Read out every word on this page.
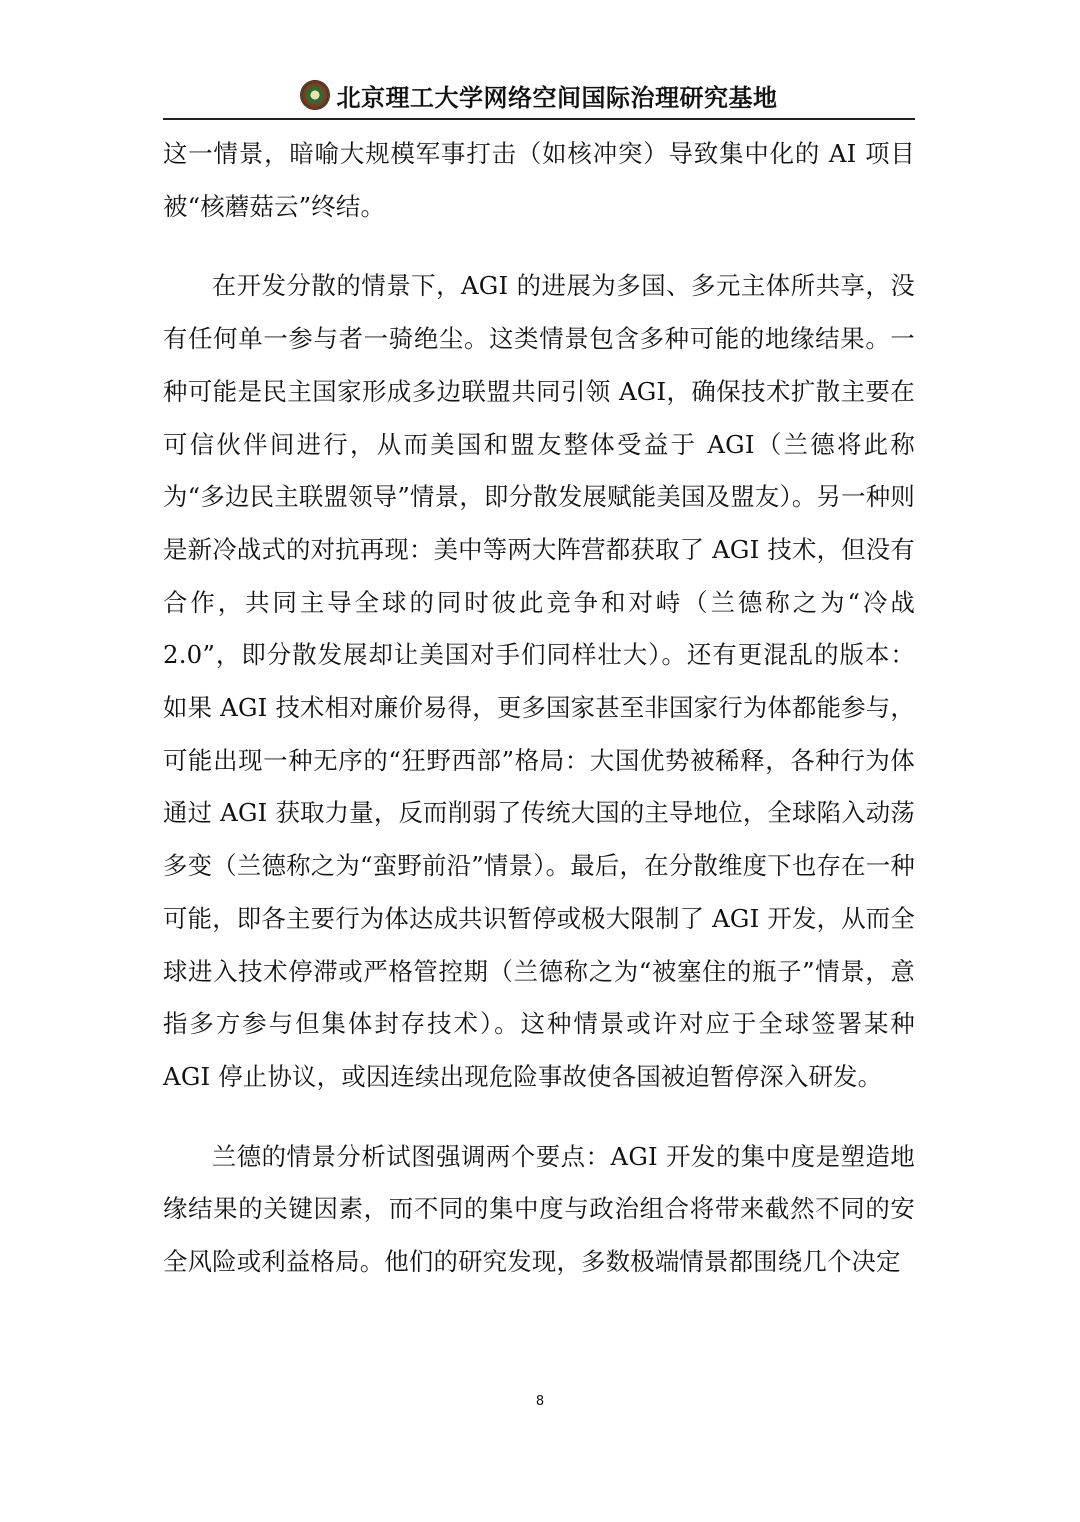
北京理工大学网络空间国际治理研究基地

这一情景，暗喻大规模军事打击（如核冲突）导致集中化的 AI 项目被“核蘑菇云”终结。

在开发分散的情景下，AGI 的进展为多国、多元主体所共享，没有任何单一参与者一骑绝尘。这类情景包含多种可能的地缘结果。一种可能是民主国家形成多边联盟共同引领 AGI，确保技术扩散主要在可信伙伴间进行，从而美国和盟友整体受益于 AGI（兰德将此称为“多边民主联盟领导”情景，即分散发展赋能美国及盟友）。另一种则是新冷战式的对抗再现：美中等两大阵营都获取了 AGI 技术，但没有合作，共同主导全球的同时彼此竞争和对峙（兰德称之为“冷战 2.0”，即分散发展却让美国对手们同样壮大）。还有更混乱的版本：如果 AGI 技术相对廉价易得，更多国家甚至非国家行为体都能参与，可能出现一种无序的“狂野西部”格局：大国优势被稀释，各种行为体通过 AGI 获取力量，反而削弱了传统大国的主导地位，全球陷入动荡多变（兰德称之为“蛮野前沿”情景）。最后，在分散维度下也存在一种可能，即各主要行为体达成共识暂停或极大限制了 AGI 开发，从而全球进入技术停滞或严格管控期（兰德称之为“被塞住的瓶子”情景，意指多方参与但集体封存技术）。这种情景或许对应于全球签署某种 AGI 停止协议，或因连续出现危险事故使各国被迫暂停深入研发。

兰德的情景分析试图强调两个要点：AGI 开发的集中度是塑造地缘结果的关键因素，而不同的集中度与政治组合将带来截然不同的安全风险或利益格局。他们的研究发现，多数极端情景都围绕几个决定

8
